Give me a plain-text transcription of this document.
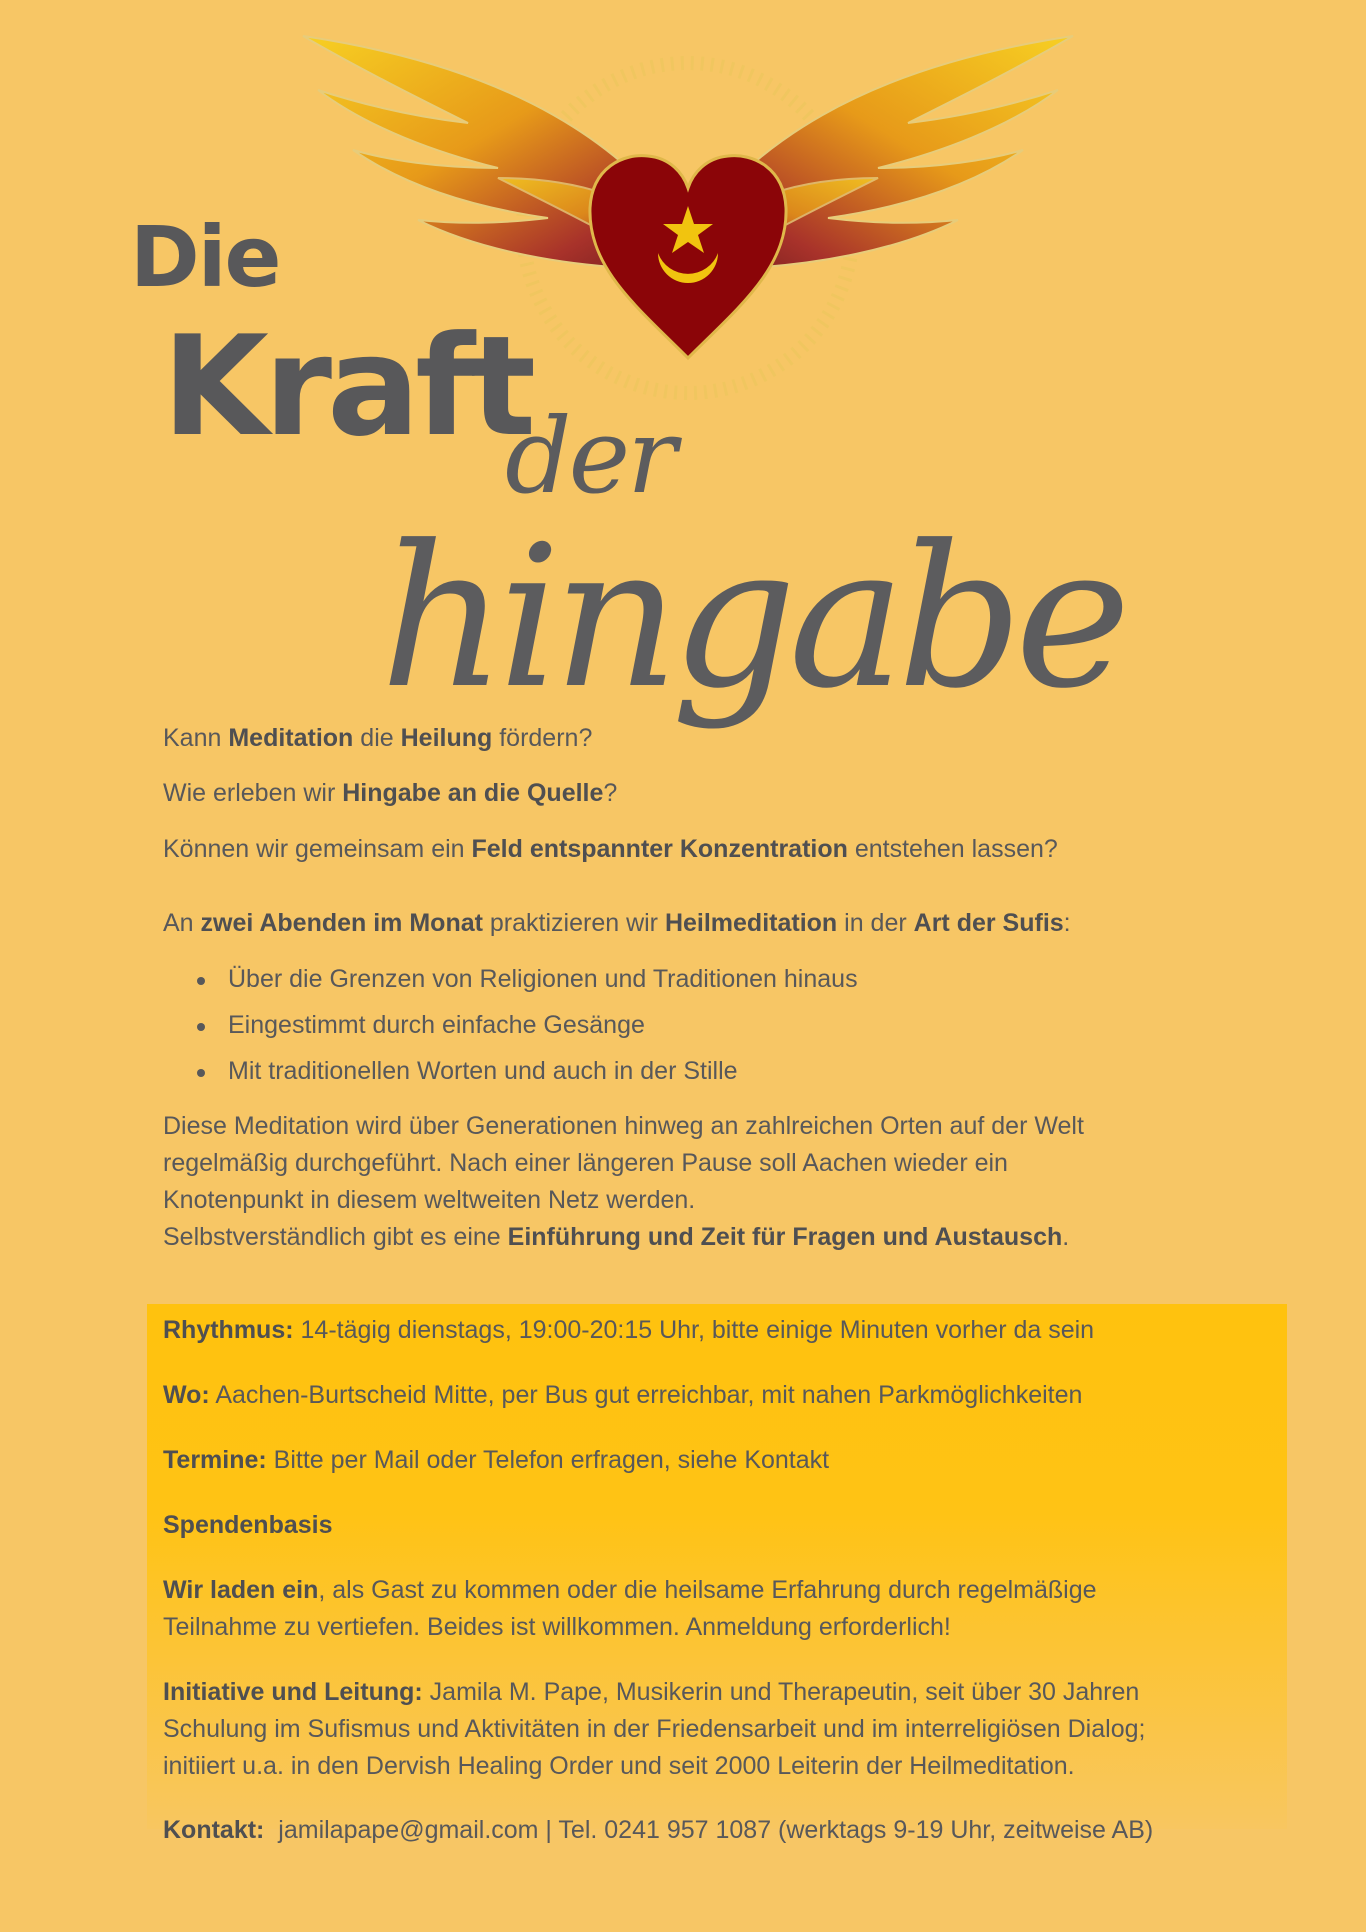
Die
Kraft
der
hingabe

Kann Meditation die Heilung fördern?

Wie erleben wir Hingabe an die Quelle?

Können wir gemeinsam ein Feld entspannter Konzentration entstehen lassen?

An zwei Abenden im Monat praktizieren wir Heilmeditation in der Art der Sufis:

Über die Grenzen von Religionen und Traditionen hinaus
Eingestimmt durch einfache Gesänge
Mit traditionellen Worten und auch in der Stille

Diese Meditation wird über Generationen hinweg an zahlreichen Orten auf der Welt
regelmäßig durchgeführt. Nach einer längeren Pause soll Aachen wieder ein
Knotenpunkt in diesem weltweiten Netz werden.
Selbstverständlich gibt es eine Einführung und Zeit für Fragen und Austausch.

Rhythmus: 14-tägig dienstags, 19:00-20:15 Uhr, bitte einige Minuten vorher da sein

Wo: Aachen-Burtscheid Mitte, per Bus gut erreichbar, mit nahen Parkmöglichkeiten

Termine: Bitte per Mail oder Telefon erfragen, siehe Kontakt

Spendenbasis

Wir laden ein, als Gast zu kommen oder die heilsame Erfahrung durch regelmäßige
Teilnahme zu vertiefen. Beides ist willkommen. Anmeldung erforderlich!

Initiative und Leitung: Jamila M. Pape, Musikerin und Therapeutin, seit über 30 Jahren
Schulung im Sufismus und Aktivitäten in der Friedensarbeit und im interreligiösen Dialog;
initiiert u.a. in den Dervish Healing Order und seit 2000 Leiterin der Heilmeditation.

Kontakt:  jamilapape@gmail.com | Tel. 0241 957 1087 (werktags 9-19 Uhr, zeitweise AB)
